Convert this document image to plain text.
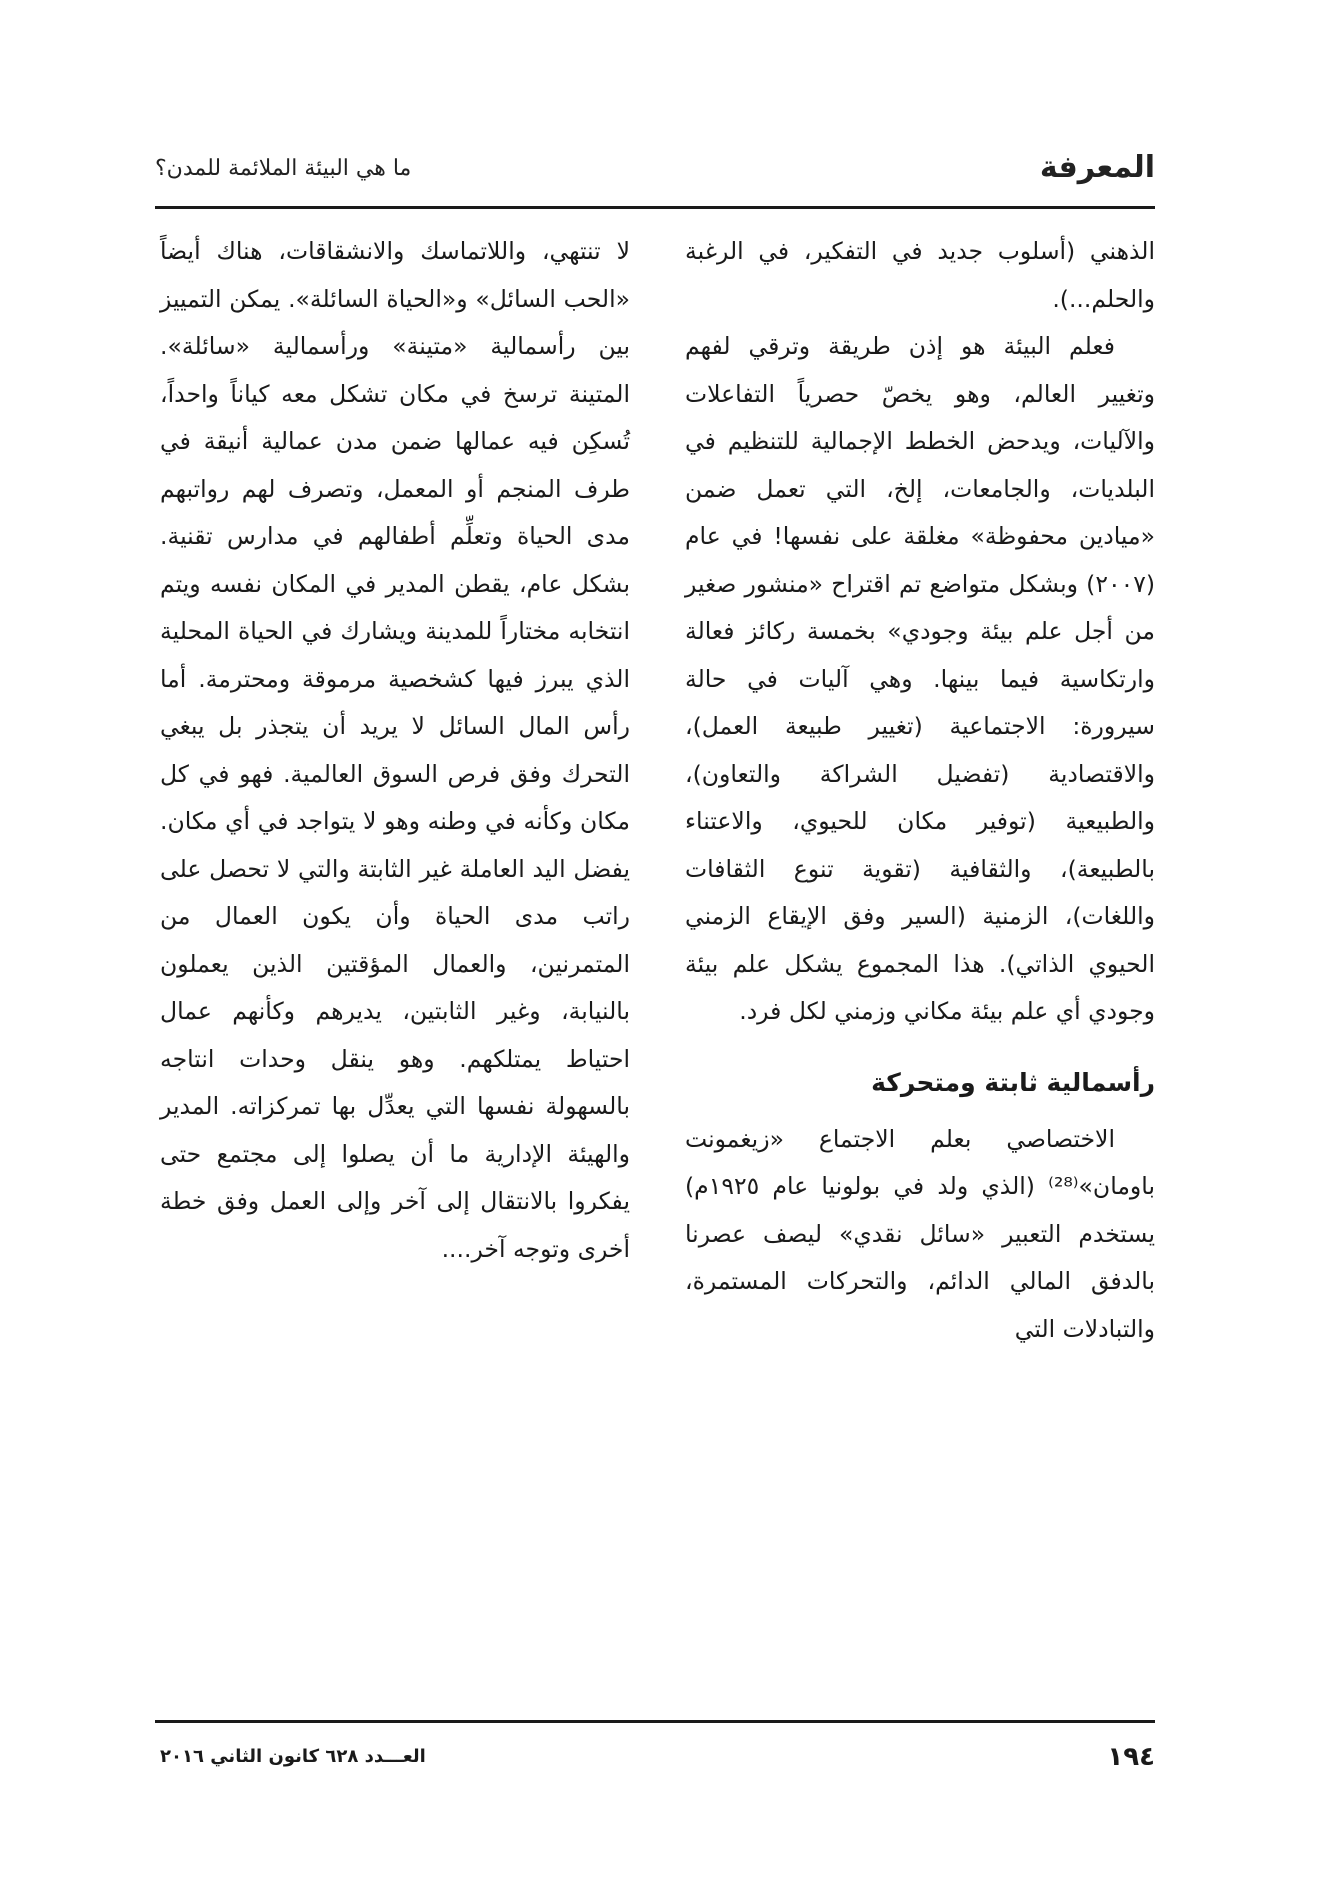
المعرفة
ما هي البيئة الملائمة للمدن؟

الذهني (أسلوب جديد في التفكير، في الرغبة والحلم...).

فعلم البيئة هو إذن طريقة وترقي لفهم وتغيير العالم، وهو يخصّ حصرياً التفاعلات والآليات، ويدحض الخطط الإجمالية للتنظيم في البلديات، والجامعات، إلخ، التي تعمل ضمن «ميادين محفوظة» مغلقة على نفسها! في عام (٢٠٠٧) وبشكل متواضع تم اقتراح «منشور صغير من أجل علم بيئة وجودي» بخمسة ركائز فعالة وارتكاسية فيما بينها. وهي آليات في حالة سيرورة: الاجتماعية (تغيير طبيعة العمل)، والاقتصادية (تفضيل الشراكة والتعاون)، والطبيعية (توفير مكان للحيوي، والاعتناء بالطبيعة)، والثقافية (تقوية تنوع الثقافات واللغات)، الزمنية (السير وفق الإيقاع الزمني الحيوي الذاتي). هذا المجموع يشكل علم بيئة وجودي أي علم بيئة مكاني وزمني لكل فرد.

رأسمالية ثابتة ومتحركة

الاختصاصي بعلم الاجتماع «زيغمونت باومان»⁽²⁸⁾ (الذي ولد في بولونيا عام ١٩٢٥م) يستخدم التعبير «سائل نقدي» ليصف عصرنا بالدفق المالي الدائم، والتحركات المستمرة، والتبادلات التي

لا تنتهي، واللاتماسك والانشقاقات، هناك أيضاً «الحب السائل» و«الحياة السائلة». يمكن التمييز بين رأسمالية «متينة» ورأسمالية «سائلة». المتينة ترسخ في مكان تشكل معه كياناً واحداً، تُسكِن فيه عمالها ضمن مدن عمالية أنيقة في طرف المنجم أو المعمل، وتصرف لهم رواتبهم مدى الحياة وتعلِّم أطفالهم في مدارس تقنية. بشكل عام، يقطن المدير في المكان نفسه ويتم انتخابه مختاراً للمدينة ويشارك في الحياة المحلية الذي يبرز فيها كشخصية مرموقة ومحترمة. أما رأس المال السائل لا يريد أن يتجذر بل يبغي التحرك وفق فرص السوق العالمية. فهو في كل مكان وكأنه في وطنه وهو لا يتواجد في أي مكان. يفضل اليد العاملة غير الثابتة والتي لا تحصل على راتب مدى الحياة وأن يكون العمال من المتمرنين، والعمال المؤقتين الذين يعملون بالنيابة، وغير الثابتين، يديرهم وكأنهم عمال احتياط يمتلكهم. وهو ينقل وحدات انتاجه بالسهولة نفسها التي يعدِّل بها تمركزاته. المدير والهيئة الإدارية ما أن يصلوا إلى مجتمع حتى يفكروا بالانتقال إلى آخر وإلى العمل وفق خطة أخرى وتوجه آخر....

١٩٤
العـــدد ٦٢٨ كانون الثاني ٢٠١٦
